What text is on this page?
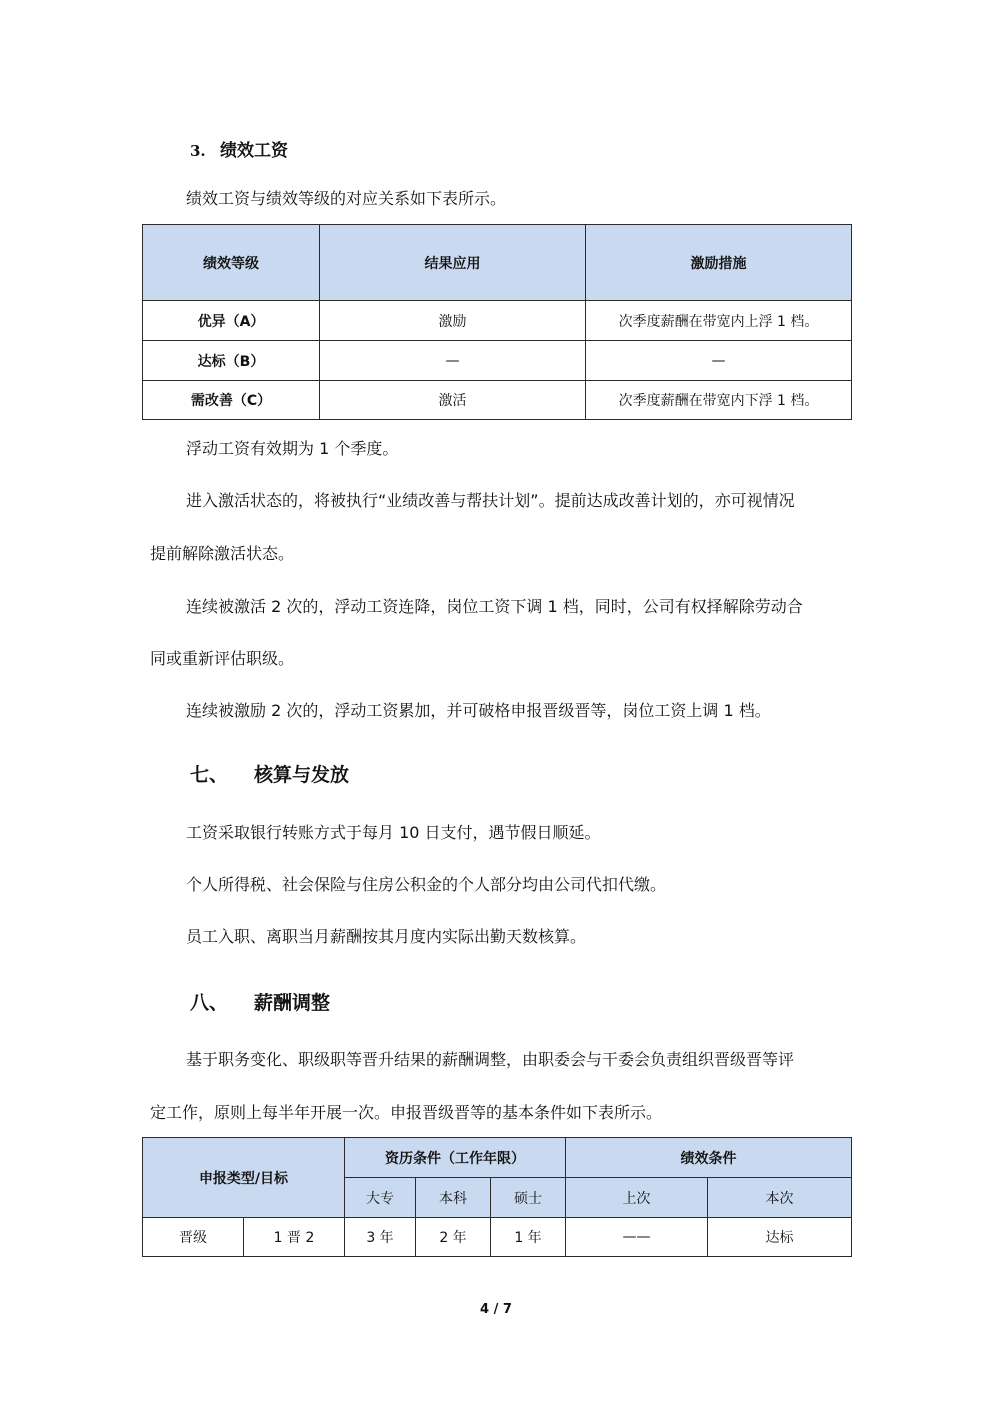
3. 绩效工资
绩效工资与绩效等级的对应关系如下表所示。
绩效等级	结果应用	激励措施
优异（A）	激励	次季度薪酬在带宽内上浮 1 档。
达标（B）	—	—
需改善（C）	激活	次季度薪酬在带宽内下浮 1 档。
浮动工资有效期为 1 个季度。
进入激活状态的，将被执行“业绩改善与帮扶计划”。提前达成改善计划的，亦可视情况
提前解除激活状态。
连续被激活 2 次的，浮动工资连降，岗位工资下调 1 档，同时，公司有权择解除劳动合
同或重新评估职级。
连续被激励 2 次的，浮动工资累加，并可破格申报晋级晋等，岗位工资上调 1 档。
七、 核算与发放
工资采取银行转账方式于每月 10 日支付，遇节假日顺延。
个人所得税、社会保险与住房公积金的个人部分均由公司代扣代缴。
员工入职、离职当月薪酬按其月度内实际出勤天数核算。
八、 薪酬调整
基于职务变化、职级职等晋升结果的薪酬调整，由职委会与干委会负责组织晋级晋等评
定工作，原则上每半年开展一次。申报晋级晋等的基本条件如下表所示。
申报类型/目标		资历条件（工作年限）			绩效条件	
		大专	本科	硕士	上次	本次
晋级	1 晋 2	3 年	2 年	1 年	——	达标
4 / 7
